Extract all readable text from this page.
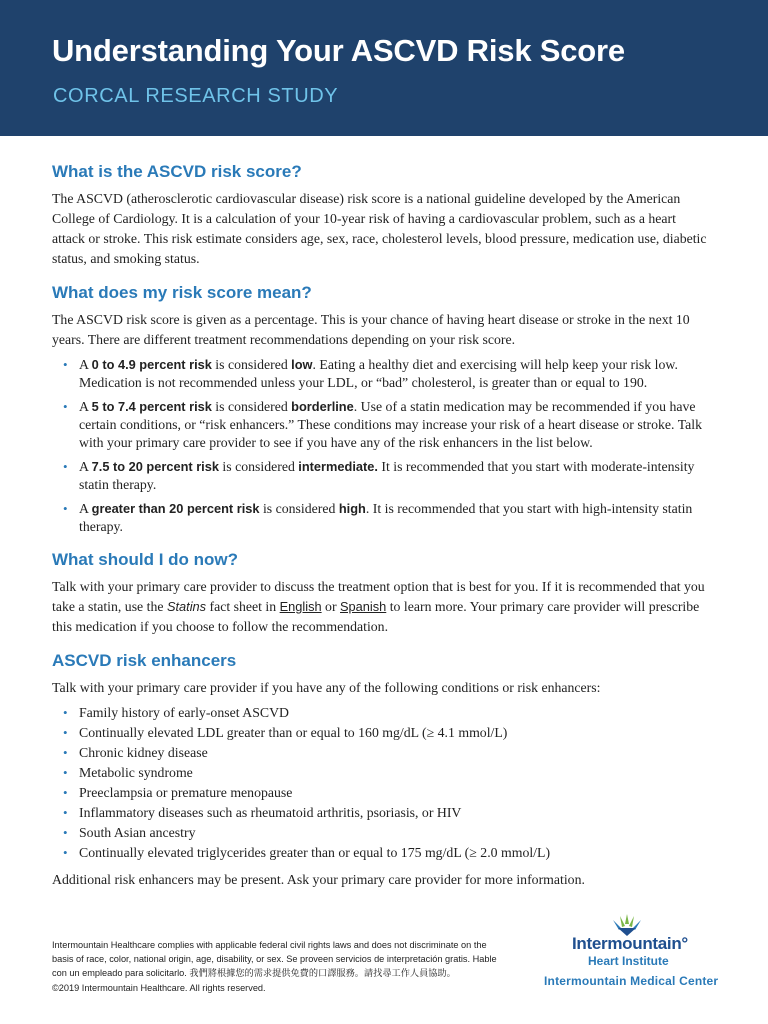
Understanding Your ASCVD Risk Score
CORCAL RESEARCH STUDY
What is the ASCVD risk score?

The ASCVD (atherosclerotic cardiovascular disease) risk score is a national guideline developed by the American College of Cardiology. It is a calculation of your 10-year risk of having a cardiovascular problem, such as a heart attack or stroke. This risk estimate considers age, sex, race, cholesterol levels, blood pressure, medication use, diabetic status, and smoking status.

What does my risk score mean?

The ASCVD risk score is given as a percentage. This is your chance of having heart disease or stroke in the next 10 years. There are different treatment recommendations depending on your risk score.

• A 0 to 4.9 percent risk is considered low. Eating a healthy diet and exercising will help keep your risk low. Medication is not recommended unless your LDL, or “bad” cholesterol, is greater than or equal to 190.
• A 5 to 7.4 percent risk is considered borderline. Use of a statin medication may be recommended if you have certain conditions, or “risk enhancers.” These conditions may increase your risk of a heart disease or stroke. Talk with your primary care provider to see if you have any of the risk enhancers in the list below.
• A 7.5 to 20 percent risk is considered intermediate. It is recommended that you start with moderate-intensity statin therapy.
• A greater than 20 percent risk is considered high. It is recommended that you start with high-intensity statin therapy.
What should I do now?

Talk with your primary care provider to discuss the treatment option that is best for you. If it is recommended that you take a statin, use the Statins fact sheet in English or Spanish to learn more. Your primary care provider will prescribe this medication if you choose to follow the recommendation.

ASCVD risk enhancers

Talk with your primary care provider if you have any of the following conditions or risk enhancers:

• Family history of early-onset ASCVD
• Continually elevated LDL greater than or equal to 160 mg/dL (≥ 4.1 mmol/L)
• Chronic kidney disease
• Metabolic syndrome
• Preeclampsia or premature menopause
• Inflammatory diseases such as rheumatoid arthritis, psoriasis, or HIV
• South Asian ancestry
• Continually elevated triglycerides greater than or equal to 175 mg/dL (≥ 2.0 mmol/L)

Additional risk enhancers may be present. Ask your primary care provider for more information.

Intermountain Healthcare complies with applicable federal civil rights laws and does not discriminate on the basis of race, color, national origin, age, disability, or sex. Se proveen servicios de interpretación gratis. Hable con un empleado para solicitarlo. 我們將根據您的需求提供免費的口譯服務。請找尋工作人員協助。

©2019 Intermountain Healthcare. All rights reserved.

Intermountain°
Heart Institute
Intermountain Medical Center
